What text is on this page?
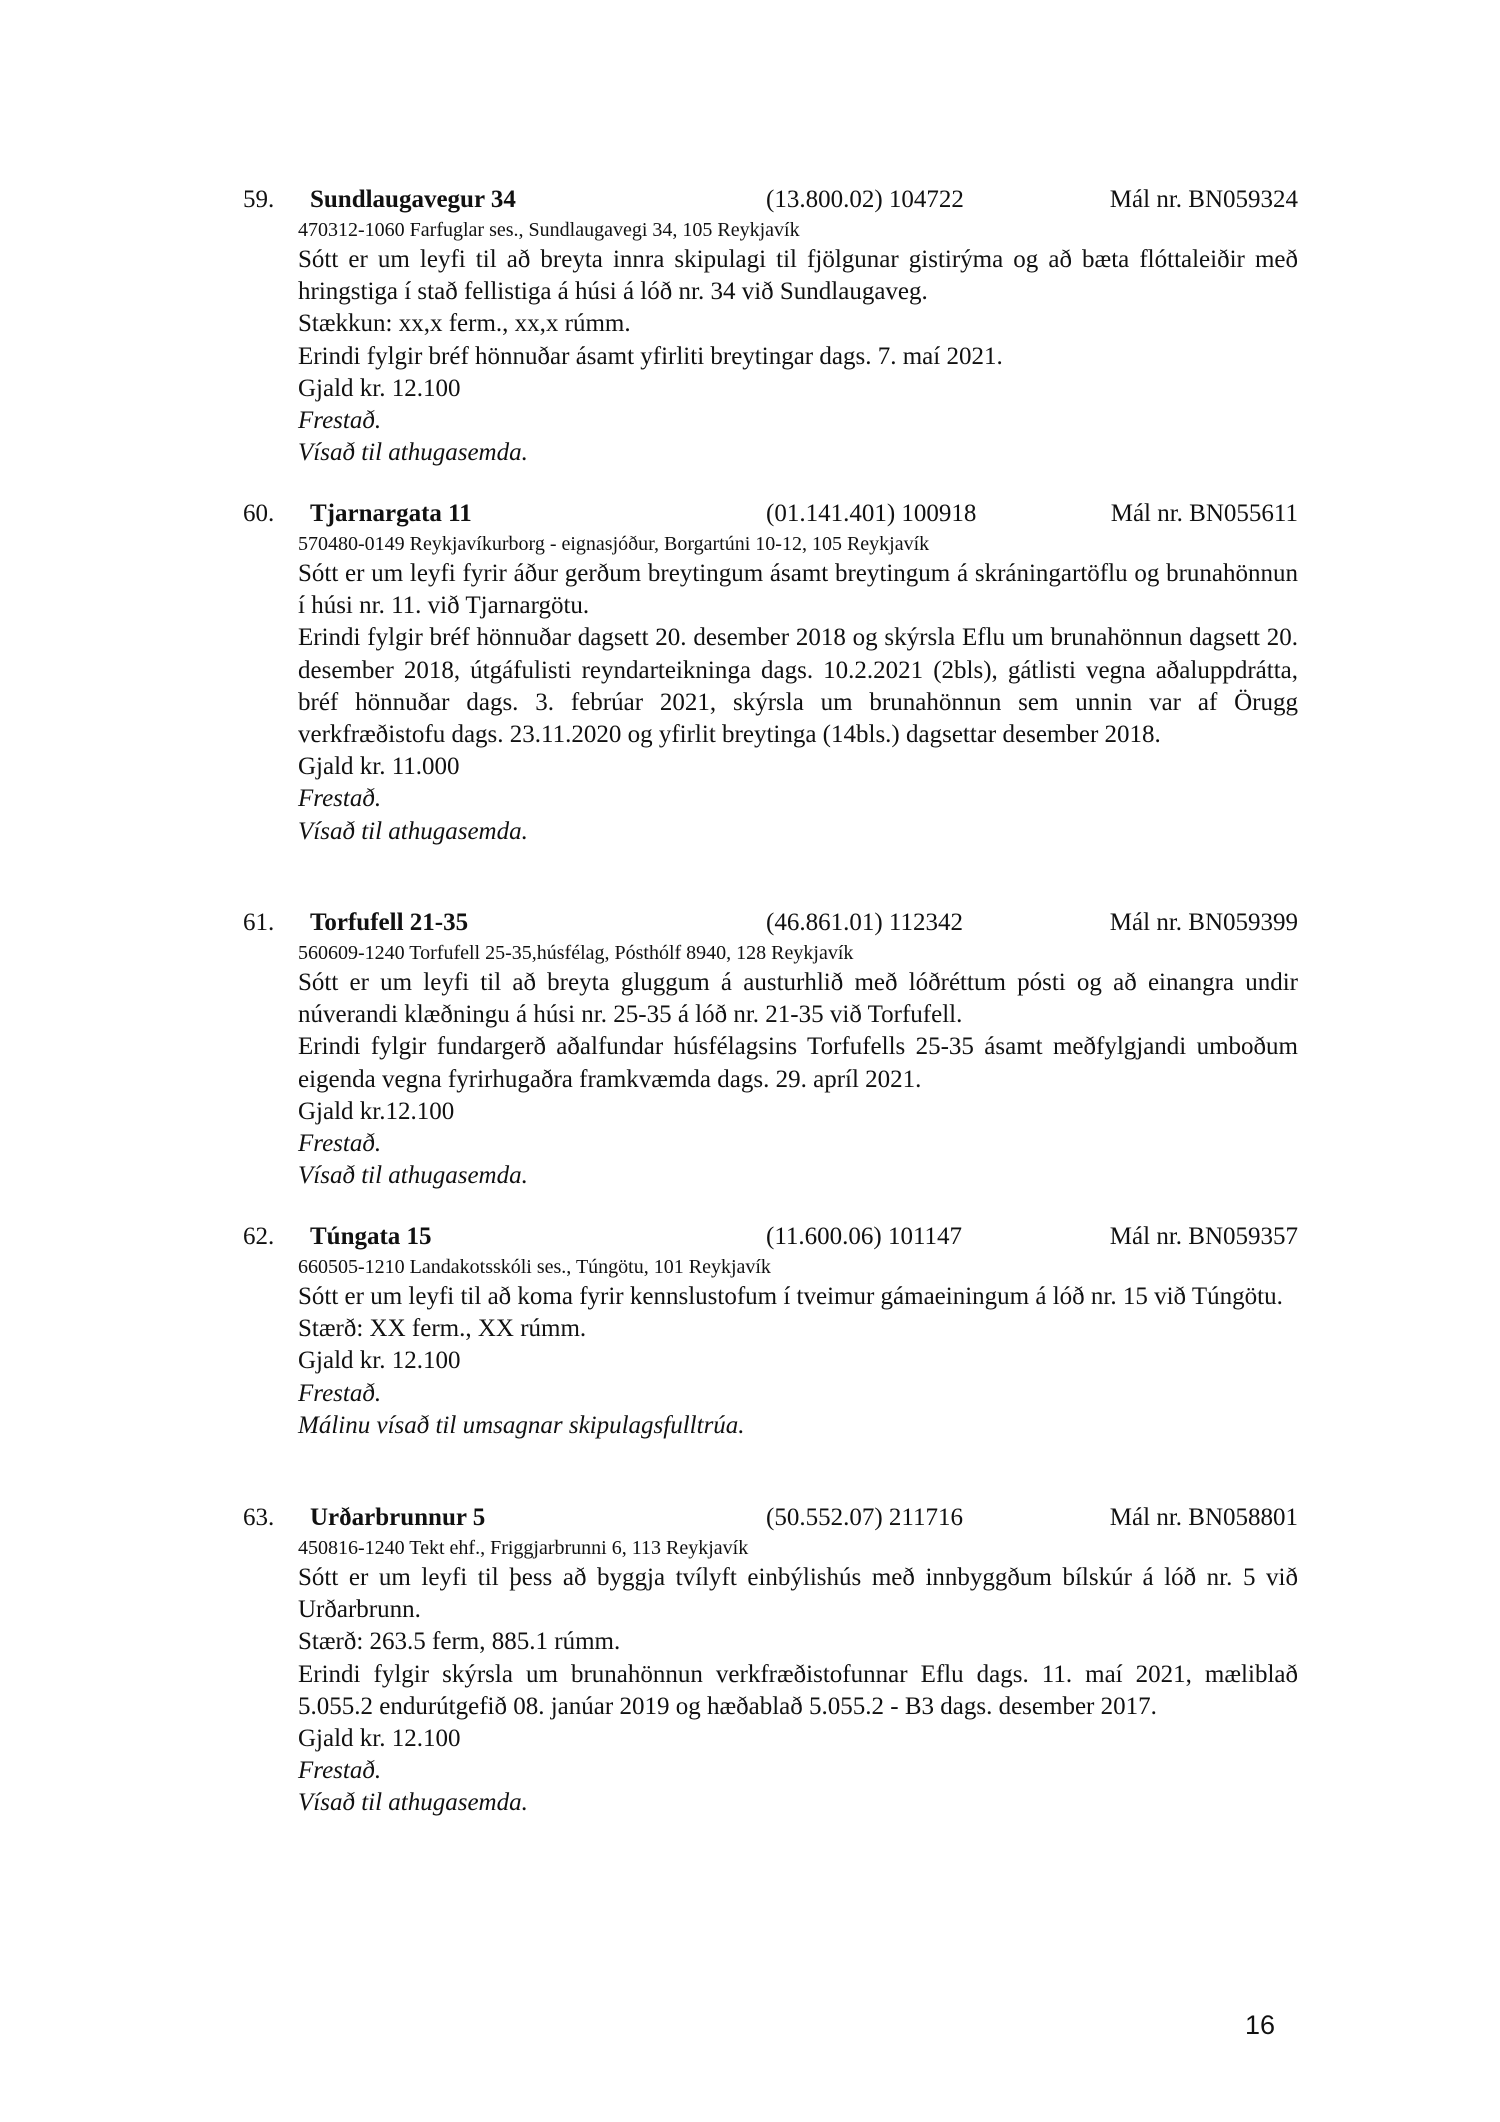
59. Sundlaugavegur 34	(13.800.02) 104722	Mál nr. BN059324
470312-1060 Farfuglar ses., Sundlaugavegi 34, 105 Reykjavík
Sótt er um leyfi til að breyta innra skipulagi til fjölgunar gistirýma og að bæta flóttaleiðir með hringstiga í stað fellistiga á húsi á lóð nr. 34 við Sundlaugaveg.
Stækkun: xx,x ferm., xx,x rúmm.
Erindi fylgir bréf hönnuðar ásamt yfirliti breytingar dags. 7. maí 2021.
Gjald kr. 12.100
Frestað.
Vísað til athugasemda.
60. Tjarnargata 11	(01.141.401) 100918	Mál nr. BN055611
570480-0149 Reykjavíkurborg - eignasjóður, Borgartúni 10-12, 105 Reykjavík
Sótt er um leyfi fyrir áður gerðum breytingum ásamt breytingum á skráningartöflu og brunahönnun í húsi nr. 11. við Tjarnargötu.
Erindi fylgir bréf hönnuðar dagsett 20. desember 2018 og skýrsla Eflu um brunahönnun dagsett 20. desember 2018, útgáfulisti reyndarteikninga dags. 10.2.2021 (2bls), gátlisti vegna aðaluppdrátta, bréf hönnuðar dags. 3. febrúar 2021, skýrsla um brunahönnun sem unnin var af Örugg verkfræðistofu dags. 23.11.2020 og yfirlit breytinga (14bls.) dagsettar desember 2018.
Gjald kr. 11.000
Frestað.
Vísað til athugasemda.
61. Torfufell 21-35	(46.861.01) 112342	Mál nr. BN059399
560609-1240 Torfufell 25-35,húsfélag, Pósthólf 8940, 128 Reykjavík
Sótt er um leyfi til að breyta gluggum á austurhlið með lóðréttum pósti og að einangra undir núverandi klæðningu á húsi nr. 25-35 á lóð nr. 21-35 við Torfufell.
Erindi fylgir fundargerð aðalfundar húsfélagsins Torfufells 25-35 ásamt meðfylgjandi umboðum eigenda vegna fyrirhugaðra framkvæmda dags. 29. apríl 2021.
Gjald kr.12.100
Frestað.
Vísað til athugasemda.
62. Túngata 15	(11.600.06) 101147	Mál nr. BN059357
660505-1210 Landakotsskóli ses., Túngötu, 101 Reykjavík
Sótt er um leyfi til að koma fyrir kennslustofum í tveimur gámaeiningum á lóð nr. 15 við Túngötu.
Stærð: XX ferm., XX rúmm.
Gjald kr. 12.100
Frestað.
Málinu vísað til umsagnar skipulagsfulltrúa.
63. Urðarbrunnur 5	(50.552.07) 211716	Mál nr. BN058801
450816-1240 Tekt ehf., Friggjarbrunni 6, 113 Reykjavík
Sótt er um leyfi til þess að byggja tvílyft einbýlishús með innbyggðum bílskúr á lóð nr. 5 við Urðarbrunn.
Stærð: 263.5 ferm, 885.1 rúmm.
Erindi fylgir skýrsla um brunahönnun verkfræðistofunnar Eflu dags. 11. maí 2021, mæliblað 5.055.2 endurútgefið 08. janúar 2019 og hæðablað 5.055.2 - B3 dags. desember 2017.
Gjald kr. 12.100
Frestað.
Vísað til athugasemda.
16
